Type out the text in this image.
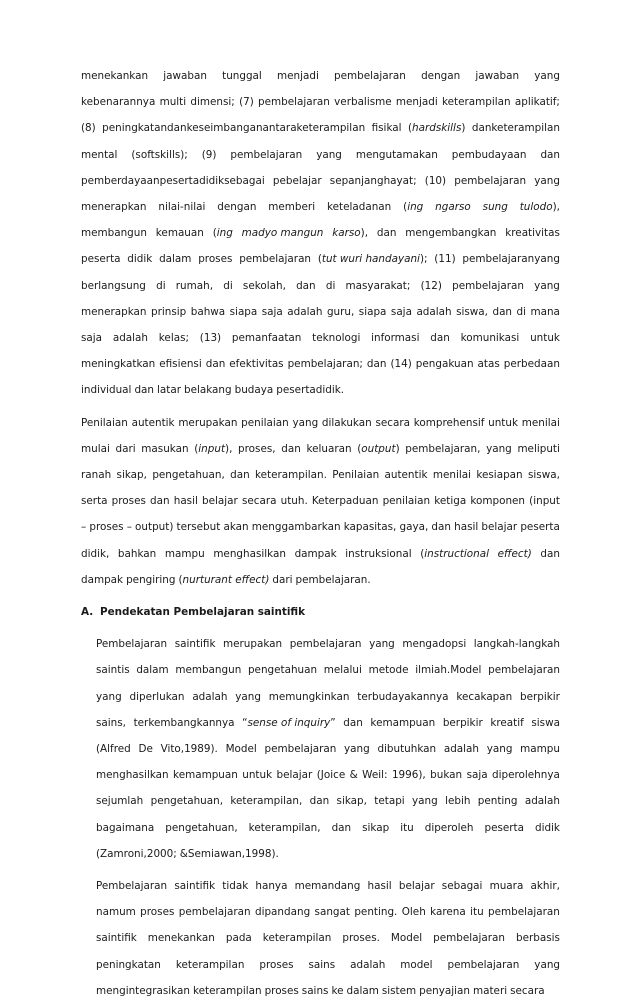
menekankan jawaban tunggal menjadi pembelajaran dengan jawaban yang
kebenarannya multi dimensi; (7) pembelajaran verbalisme menjadi keterampilan aplikatif;
(8) peningkatandankeseimbanganantaraketerampilan fisikal (hardskills) danketerampilan
mental (softskills); (9) pembelajaran yang mengutamakan pembudayaan dan
pemberdayaanpesertadidiksebagai pebelajar sepanjanghayat; (10) pembelajaran yang
menerapkan nilai-nilai dengan memberi keteladanan (ing ngarso sung tulodo),
membangun kemauan (ing madyo mangun karso), dan mengembangkan kreativitas
peserta didik dalam proses pembelajaran (tut wuri handayani); (11) pembelajaranyang
berlangsung di rumah, di sekolah, dan di masyarakat; (12) pembelajaran yang
menerapkan prinsip bahwa siapa saja adalah guru, siapa saja adalah siswa, dan di mana
saja adalah kelas; (13) pemanfaatan teknologi informasi dan komunikasi untuk
meningkatkan efisiensi dan efektivitas pembelajaran; dan (14) pengakuan atas perbedaan
individual dan latar belakang budaya pesertadidik.
Penilaian autentik merupakan penilaian yang dilakukan secara komprehensif untuk menilai
mulai dari masukan (input), proses, dan keluaran (output) pembelajaran, yang meliputi
ranah sikap, pengetahuan, dan keterampilan. Penilaian autentik menilai kesiapan siswa,
serta proses dan hasil belajar secara utuh. Keterpaduan penilaian ketiga komponen (input
– proses – output) tersebut akan menggambarkan kapasitas, gaya, dan hasil belajar peserta
didik, bahkan mampu menghasilkan dampak instruksional (instructional effect) dan
dampak pengiring (nurturant effect) dari pembelajaran.
A. Pendekatan Pembelajaran saintifik
Pembelajaran saintifik merupakan pembelajaran yang mengadopsi langkah-langkah
saintis dalam membangun pengetahuan melalui metode ilmiah.Model pembelajaran
yang diperlukan adalah yang memungkinkan terbudayakannya kecakapan berpikir
sains, terkembangkannya “sense of inquiry” dan kemampuan berpikir kreatif siswa
(Alfred De Vito,1989). Model pembelajaran yang dibutuhkan adalah yang mampu
menghasilkan kemampuan untuk belajar (Joice & Weil: 1996), bukan saja diperolehnya
sejumlah pengetahuan, keterampilan, dan sikap, tetapi yang lebih penting adalah
bagaimana pengetahuan, keterampilan, dan sikap itu diperoleh peserta didik
(Zamroni,2000; &Semiawan,1998).
Pembelajaran saintifik tidak hanya memandang hasil belajar sebagai muara akhir,
namum proses pembelajaran dipandang sangat penting. Oleh karena itu pembelajaran
saintifik menekankan pada keterampilan proses. Model pembelajaran berbasis
peningkatan keterampilan proses sains adalah model pembelajaran yang
mengintegrasikan keterampilan proses sains ke dalam sistem penyajian materi secara
